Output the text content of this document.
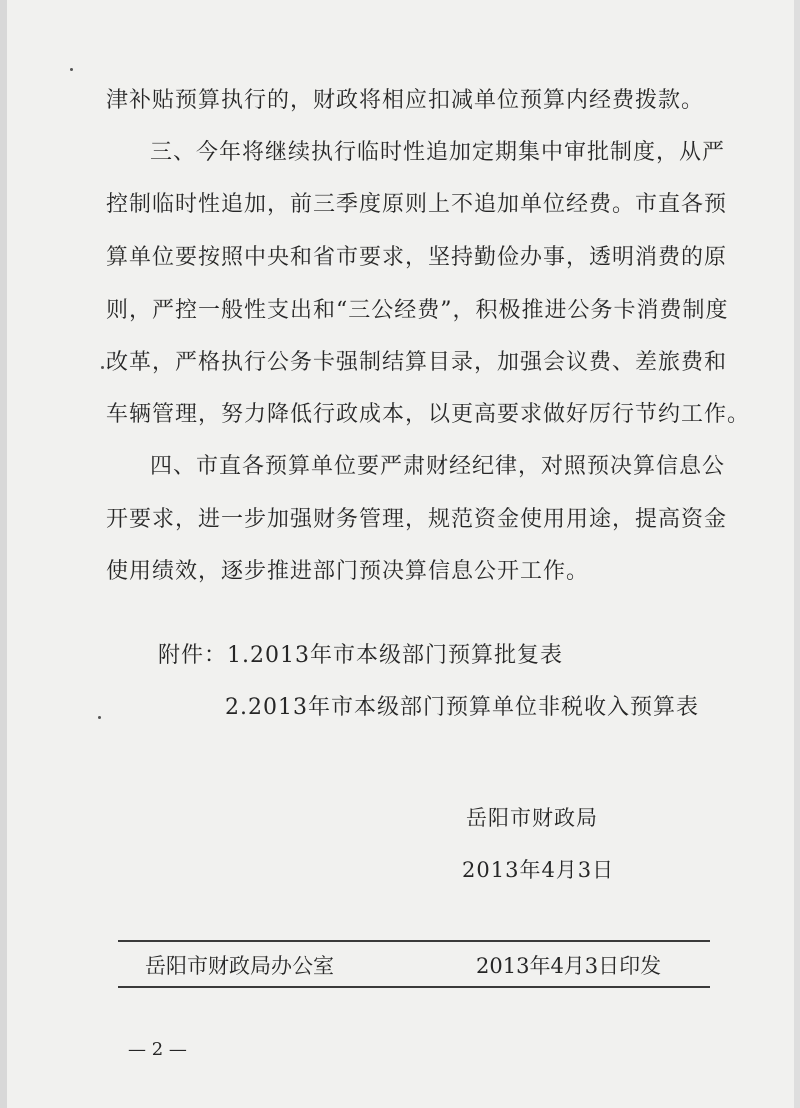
津补贴预算执行的，财政将相应扣减单位预算内经费拨款。
三、今年将继续执行临时性追加定期集中审批制度，从严
控制临时性追加，前三季度原则上不追加单位经费。市直各预
算单位要按照中央和省市要求，坚持勤俭办事，透明消费的原
则，严控一般性支出和“三公经费”，积极推进公务卡消费制度
改革，严格执行公务卡强制结算目录，加强会议费、差旅费和
车辆管理，努力降低行政成本，以更高要求做好厉行节约工作。
四、市直各预算单位要严肃财经纪律，对照预决算信息公
开要求，进一步加强财务管理，规范资金使用用途，提高资金
使用绩效，逐步推进部门预决算信息公开工作。
附件：1.2013年市本级部门预算批复表
2.2013年市本级部门预算单位非税收入预算表
岳阳市财政局
2013年4月3日
岳阳市财政局办公室	2013年4月3日印发
— 2 —
